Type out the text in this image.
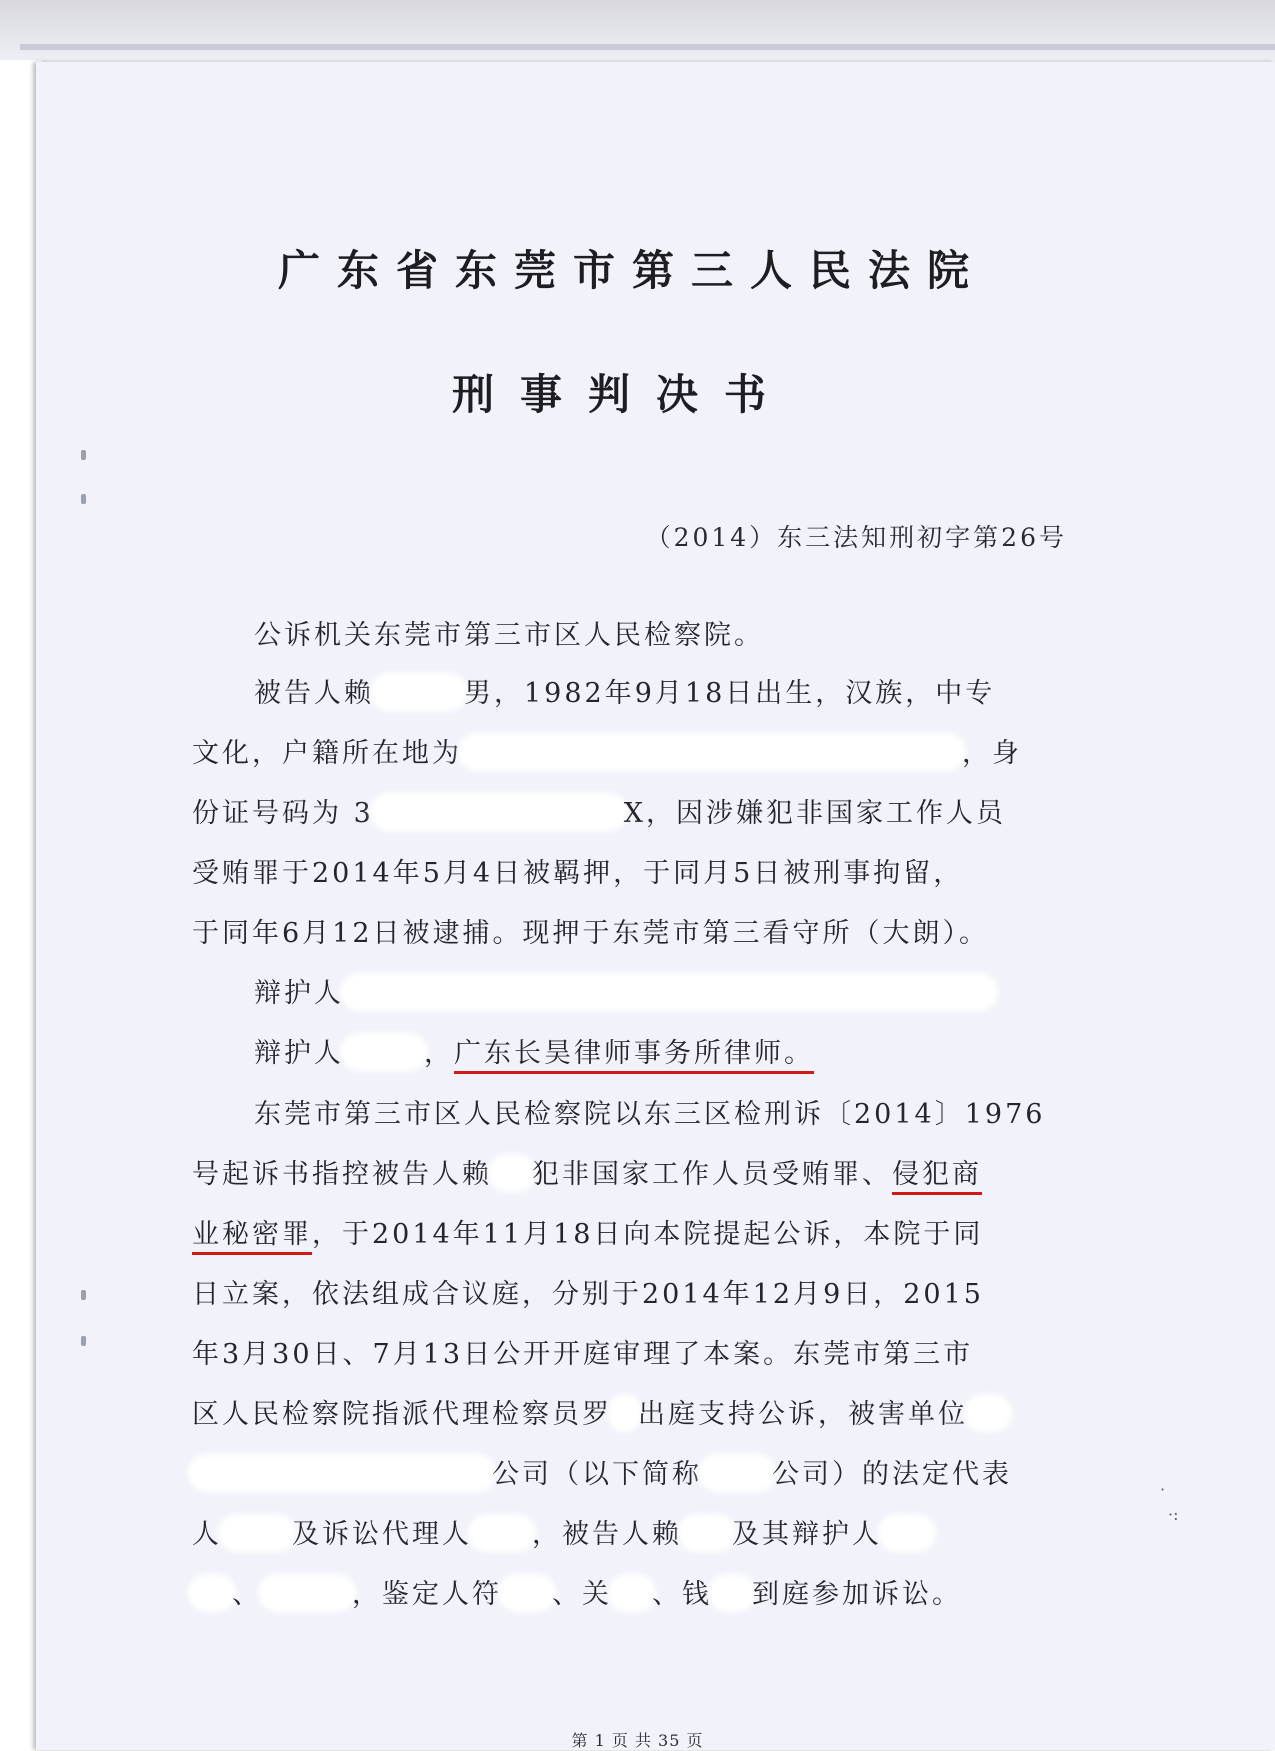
广东省东莞市第三人民法院
刑事判决书
（2014）东三法知刑初字第26号
公诉机关东莞市第三市区人民检察院。
被告人赖	男，1982年9月18日出生，汉族，中专
文化，户籍所在地为	，身
份证号码为 3	X，因涉嫌犯非国家工作人员
受贿罪于2014年5月4日被羁押，于同月5日被刑事拘留，
于同年6月12日被逮捕。现押于东莞市第三看守所（大朗）。
辩护人
辩护人	，广东长昊律师事务所律师。
东莞市第三市区人民检察院以东三区检刑诉〔2014〕1976
号起诉书指控被告人赖 犯非国家工作人员受贿罪、侵犯商
业秘密罪，于2014年11月18日向本院提起公诉，本院于同
日立案，依法组成合议庭，分别于2014年12月9日，2015
年3月30日、7月13日公开开庭审理了本案。东莞市第三市
区人民检察院指派代理检察员罗 出庭支持公诉，被害单位
公司（以下简称	公司）的法定代表
人	及诉讼代理人 ，被告人赖 及其辩护人
、	，鉴定人符 、关 、钱 到庭参加诉讼。
·
·:
第 1 页 共 35 页
